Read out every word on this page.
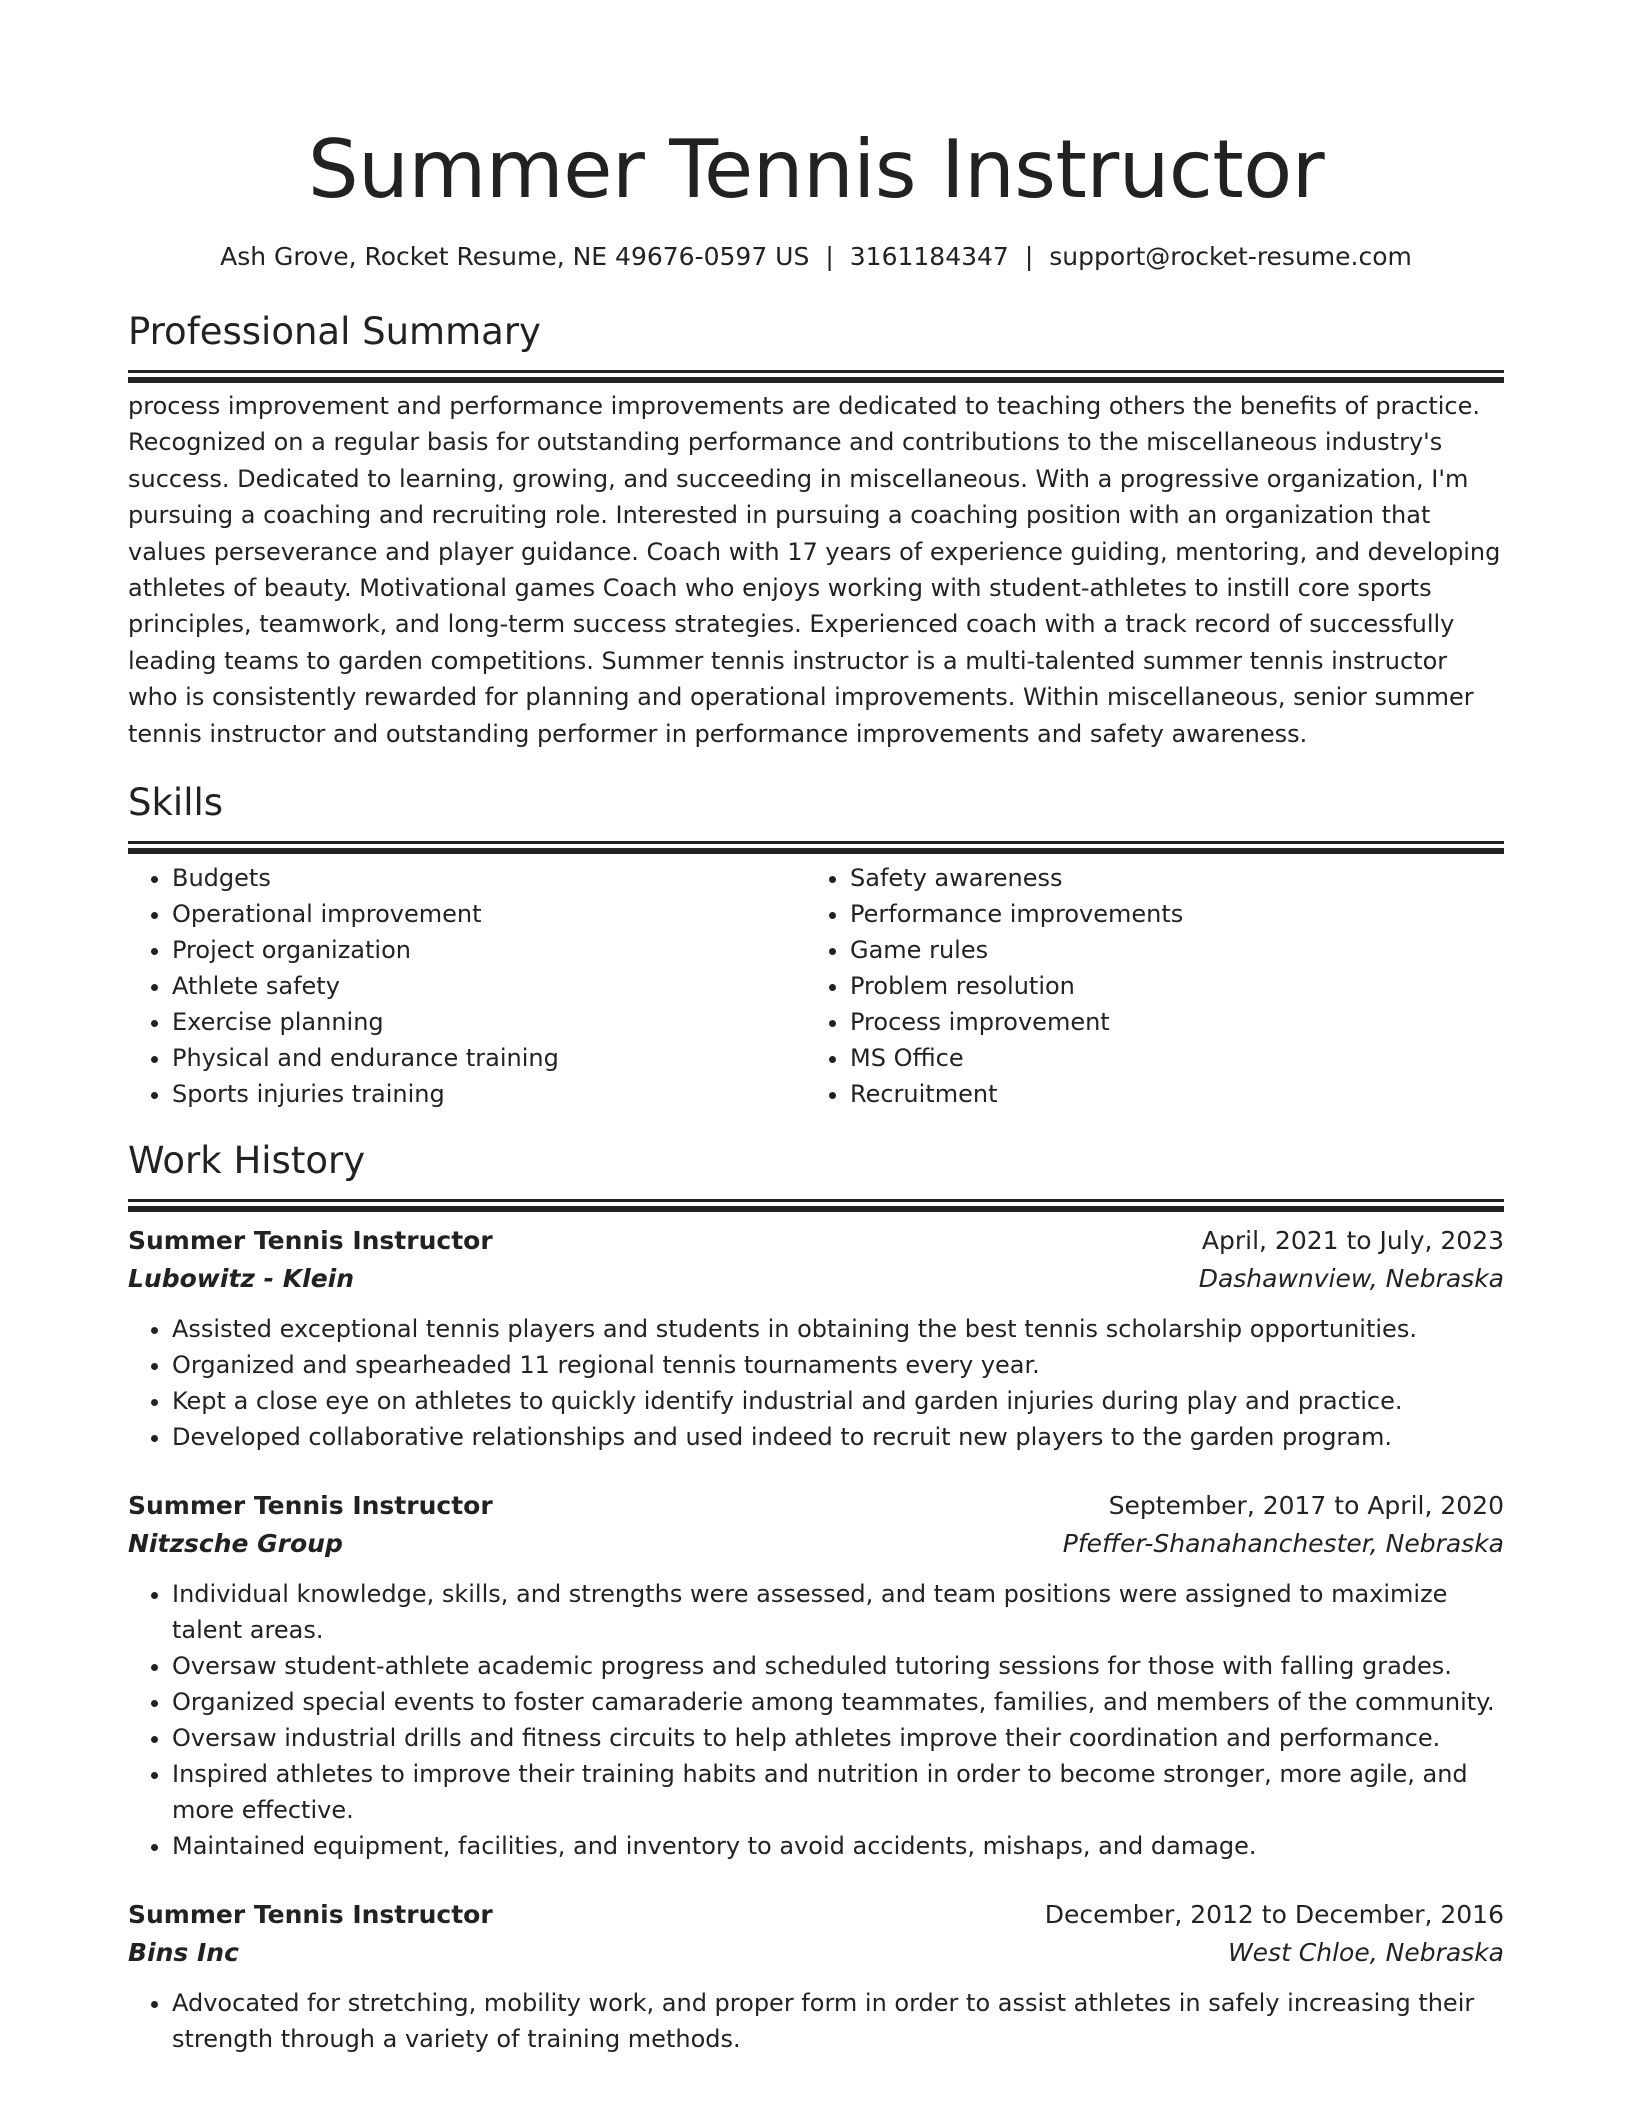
Summer Tennis Instructor
Ash Grove, Rocket Resume, NE 49676-0597 US | 3161184347 | support@rocket-resume.com
Professional Summary

process improvement and performance improvements are dedicated to teaching others the benefits of practice. Recognized on a regular basis for outstanding performance and contributions to the miscellaneous industry's success. Dedicated to learning, growing, and succeeding in miscellaneous. With a progressive organization, I'm pursuing a coaching and recruiting role. Interested in pursuing a coaching position with an organization that values perseverance and player guidance. Coach with 17 years of experience guiding, mentoring, and developing athletes of beauty. Motivational games Coach who enjoys working with student-athletes to instill core sports principles, teamwork, and long-term success strategies. Experienced coach with a track record of successfully leading teams to garden competitions. Summer tennis instructor is a multi-talented summer tennis instructor who is consistently rewarded for planning and operational improvements. Within miscellaneous, senior summer tennis instructor and outstanding performer in performance improvements and safety awareness.

Skills
• Budgets
• Operational improvement
• Project organization
• Athlete safety
• Exercise planning
• Physical and endurance training
• Sports injuries training
• Safety awareness
• Performance improvements
• Game rules
• Problem resolution
• Process improvement
• MS Office
• Recruitment
Work History
Summer Tennis Instructor	April, 2021 to July, 2023
Lubowitz - Klein	Dashawnview, Nebraska
• Assisted exceptional tennis players and students in obtaining the best tennis scholarship opportunities.
• Organized and spearheaded 11 regional tennis tournaments every year.
• Kept a close eye on athletes to quickly identify industrial and garden injuries during play and practice.
• Developed collaborative relationships and used indeed to recruit new players to the garden program.
Summer Tennis Instructor	September, 2017 to April, 2020
Nitzsche Group	Pfeffer-Shanahanchester, Nebraska
• Individual knowledge, skills, and strengths were assessed, and team positions were assigned to maximize talent areas.
• Oversaw student-athlete academic progress and scheduled tutoring sessions for those with falling grades.
• Organized special events to foster camaraderie among teammates, families, and members of the community.
• Oversaw industrial drills and fitness circuits to help athletes improve their coordination and performance.
• Inspired athletes to improve their training habits and nutrition in order to become stronger, more agile, and more effective.
• Maintained equipment, facilities, and inventory to avoid accidents, mishaps, and damage.
Summer Tennis Instructor	December, 2012 to December, 2016
Bins Inc	West Chloe, Nebraska
• Advocated for stretching, mobility work, and proper form in order to assist athletes in safely increasing their strength through a variety of training methods.
